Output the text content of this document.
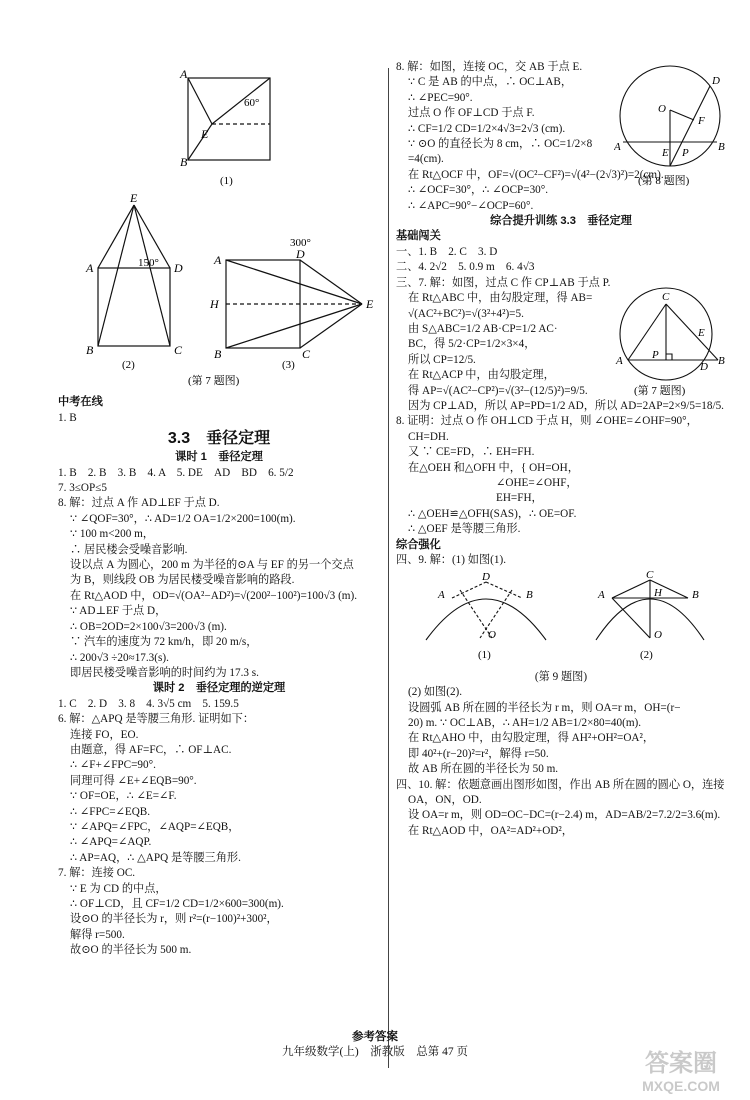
A
B
E
60°
(1)
E
A	150° D
B	C
(2)
300°
A	D
H	E
B	C
(3)
(第 7 题图)
中考在线
1. B
3.3　垂径定理
课时 1　垂径定理
1. B　2. B　3. B　4. A　5. DE　AD　BD　6. 5/2
7. 3≤OP≤5
8. 解：过点 A 作 AD⊥EF 于点 D.
∵ ∠QOF=30°，∴ AD=1/2 OA=1/2×200=100(m).
∵ 100 m<200 m，
∴ 居民楼会受噪音影响.
设以点 A 为圆心，200 m 为半径的⊙A 与 EF 的另一个交点
为 B，则线段 OB 为居民楼受噪音影响的路段.
在 Rt△AOD 中，OD=√(OA²−AD²)=√(200²−100²)=100√3 (m).
∵ AD⊥EF 于点 D，
∴ OB=2OD=2×100√3=200√3 (m).
∵ 汽车的速度为 72 km/h，即 20 m/s，
∴ 200√3 ÷20≈17.3(s).
即居民楼受噪音影响的时间约为 17.3 s.
课时 2　垂径定理的逆定理
1. C　2. D　3. 8　4. 3√5 cm　5. 159.5
6. 解：△APQ 是等腰三角形. 证明如下：
连接 FO，EO.
由题意，得 AF=FC，∴ OF⊥AC.
∴ ∠F+∠FPC=90°.
同理可得 ∠E+∠EQB=90°.
∵ OF=OE，∴ ∠E=∠F.
∴ ∠FPC=∠EQB.
∵ ∠APQ=∠FPC，∠AQP=∠EQB，
∴ ∠APQ=∠AQP.
∴ AP=AQ，∴ △APQ 是等腰三角形.
7. 解：连接 OC.
∵ E 为 CD 的中点，
∴ OF⊥CD，且 CF=1/2 CD=1/2×600=300(m).
设⊙O 的半径长为 r，则 r²=(r−100)²+300²，
解得 r=500.
故⊙O 的半径长为 500 m.
O
D
F
A	E P	B
(第 8 题图)
8. 解：如图，连接 OC，交 AB 于点 E.
∵ C 是 AB 的中点，∴ OC⊥AB，
∴ ∠PEC=90°.
过点 O 作 OF⊥CD 于点 F.
∴ CF=1/2 CD=1/2×4√3=2√3 (cm).
∵ ⊙O 的直径长为 8 cm，∴ OC=1/2×8
=4(cm).
在 Rt△OCF 中，OF=√(OC²−CF²)=√(4²−(2√3)²)=2(cm).
∴ ∠OCF=30°，∴ ∠OCP=30°.
∴ ∠APC=90°−∠OCP=60°.
综合提升训练 3.3　垂径定理
基础闯关
一、1. B　2. C　3. D
二、4. 2√2　5. 0.9 m　6. 4√3
C
E
A	P
D B
(第 7 题图)
三、7. 解：如图，过点 C 作 CP⊥AB 于点 P.
在 Rt△ABC 中，由勾股定理，得 AB=
√(AC²+BC²)=√(3²+4²)=5.
由 S△ABC=1/2 AB·CP=1/2 AC·
BC，得 5/2·CP=1/2×3×4，
所以 CP=12/5.
在 Rt△ACP 中，由勾股定理，
得 AP=√(AC²−CP²)=√(3²−(12/5)²)=9/5.
因为 CP⊥AD，所以 AP=PD=1/2 AD，所以 AD=2AP=2×9/5=18/5.
8. 证明：过点 O 作 OH⊥CD 于点 H，则 ∠OHE=∠OHF=90°，
CH=DH.
又 ∵ CE=FD，∴ EH=FH.
在△OEH 和△OFH 中，{ OH=OH，
∠OHE=∠OHF，
EH=FH，
∴ △OEH≌△OFH(SAS)，∴ OE=OF.
∴ △OEF 是等腰三角形.
综合强化
四、9. 解：(1) 如图(1).
D
A	B
O
(1)
C
A	H	B
O
(2)
(第 9 题图)
(2) 如图(2).
设圆弧 AB 所在圆的半径长为 r m，则 OA=r m，OH=(r−
20) m. ∵ OC⊥AB，∴ AH=1/2 AB=1/2×80=40(m).
在 Rt△AHO 中，由勾股定理，得 AH²+OH²=OA²，
即 40²+(r−20)²=r²，解得 r=50.
故 AB 所在圆的半径长为 50 m.
四、10. 解：依题意画出图形如图，作出 AB 所在圆的圆心 O，连接
OA，ON，OD.
设 OA=r m，则 OD=OC−DC=(r−2.4) m，AD=AB/2=7.2/2=3.6(m).
在 Rt△AOD 中，OA²=AD²+OD²，
参考答案
九年级数学(上)　浙教版　总第 47 页	答案圈
MXQE.COM
